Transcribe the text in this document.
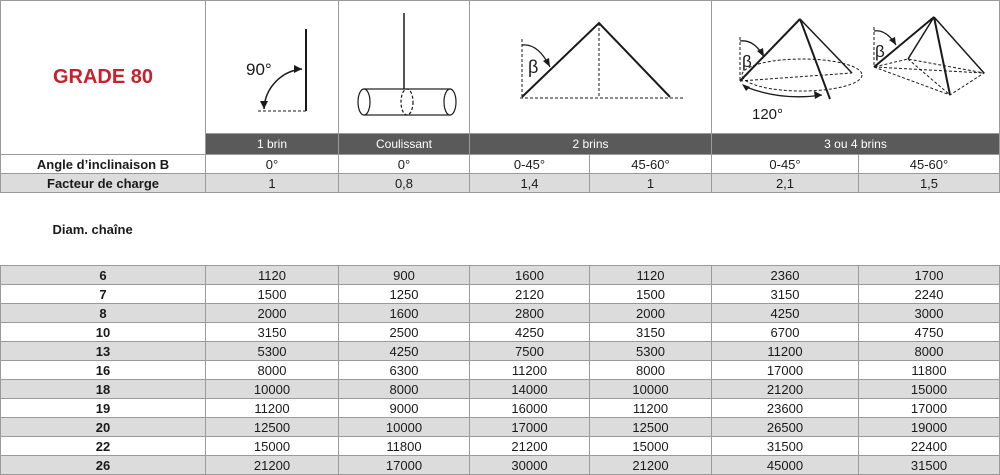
GRADE 80	90°		β		β
120°
β	

	1 brin	Coulissant	2 brins		3 ou 4 brins	
Angle d’inclinaison B	0°	0°	0-45°	45-60°	0-45°	45-60°
Facteur de charge	1	0,8	1,4	1	2,1	1,5
Diam. chaîne						
6	1120	900	1600	1120	2360	1700
7	1500	1250	2120	1500	3150	2240
8	2000	1600	2800	2000	4250	3000
10	3150	2500	4250	3150	6700	4750
13	5300	4250	7500	5300	11200	8000
16	8000	6300	11200	8000	17000	11800
18	10000	8000	14000	10000	21200	15000
19	11200	9000	16000	11200	23600	17000
20	12500	10000	17000	12500	26500	19000
22	15000	11800	21200	15000	31500	22400
26	21200	17000	30000	21200	45000	31500
